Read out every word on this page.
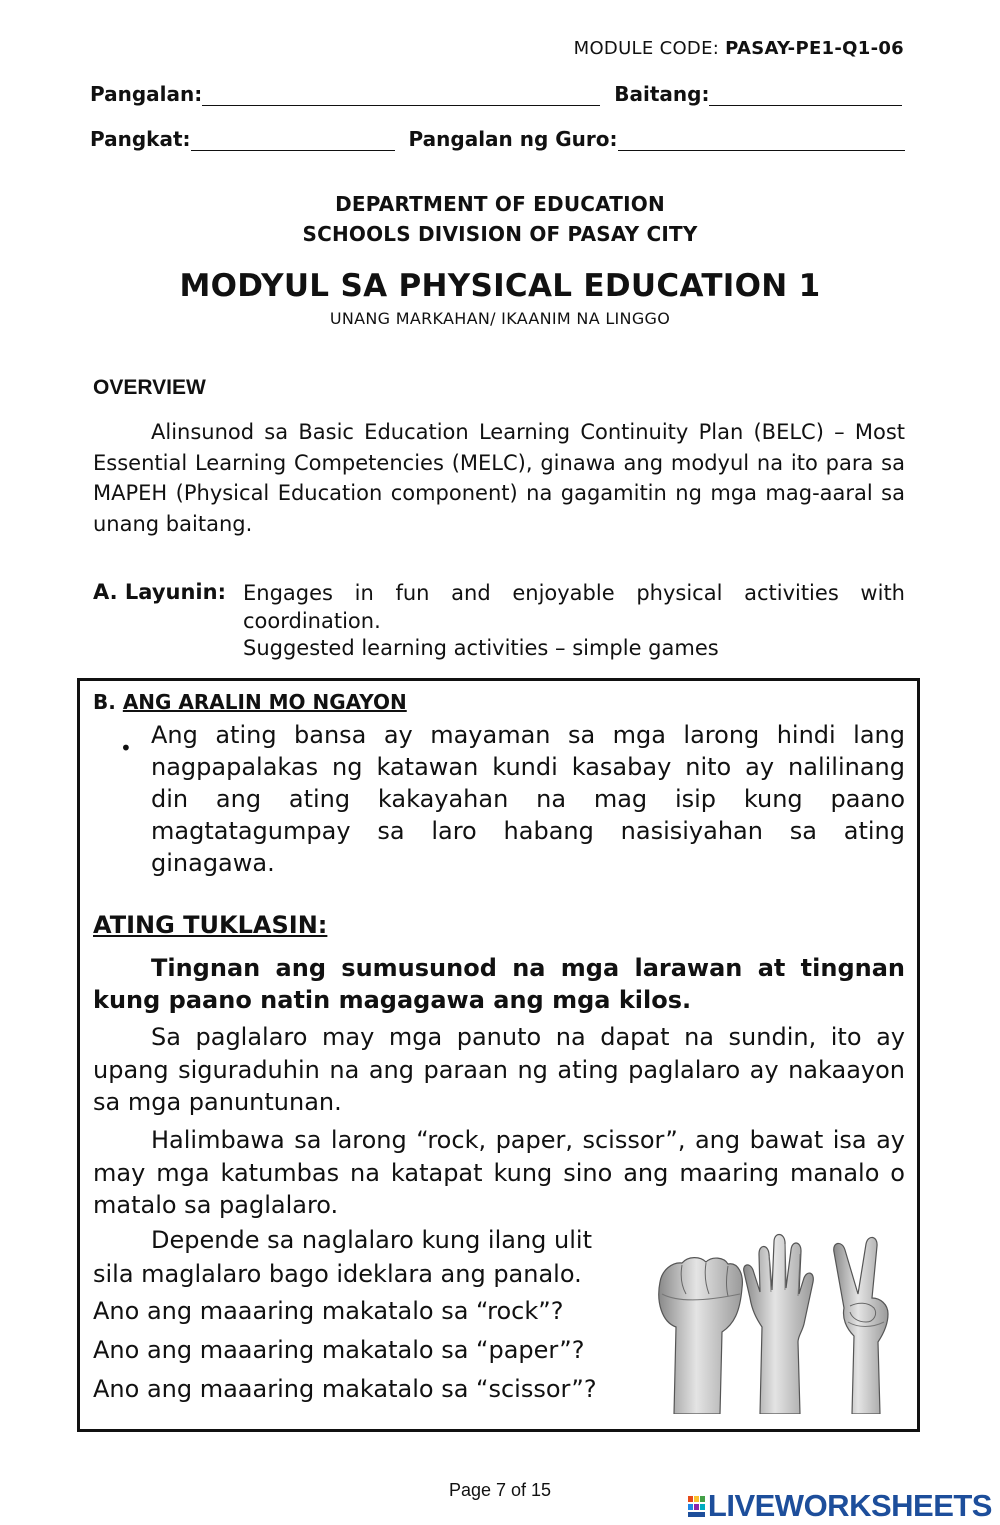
MODULE CODE: PASAY-PE1-Q1-06
Pangalan:	Baitang:
Pangkat:	Pangalan ng Guro:
DEPARTMENT OF EDUCATION
SCHOOLS DIVISION OF PASAY CITY
MODYUL SA PHYSICAL EDUCATION 1
UNANG MARKAHAN/ IKAANIM NA LINGGO
OVERVIEW
Alinsunod sa Basic Education Learning Continuity Plan (BELC) – Most Essential Learning Competencies (MELC), ginawa ang modyul na ito para sa MAPEH (Physical Education component) na gagamitin ng mga mag-aaral sa unang baitang.
A. Layunin: Engages in fun and enjoyable physical activities with coordination.
Suggested learning activities – simple games
B. ANG ARALIN MO NGAYON
• Ang ating bansa ay mayaman sa mga larong hindi lang nagpapalakas ng katawan kundi kasabay nito ay nalilinang din ang ating kakayahan na mag isip kung paano magtatagumpay sa laro habang nasisiyahan sa ating ginagawa.
ATING TUKLASIN:
Tingnan ang sumusunod na mga larawan at tingnan kung paano natin magagawa ang mga kilos.
Sa paglalaro may mga panuto na dapat na sundin, ito ay upang siguraduhin na ang paraan ng ating paglalaro ay nakaayon sa mga panuntunan.
Halimbawa sa larong “rock, paper, scissor”, ang bawat isa ay may mga katumbas na katapat kung sino ang maaring manalo o matalo sa paglalaro.
Depende sa naglalaro kung ilang ulit
sila maglalaro bago ideklara ang panalo.
Ano ang maaaring makatalo sa “rock”?
Ano ang maaaring makatalo sa “paper”?
Ano ang maaaring makatalo sa “scissor”?
Page 7 of 15	LIVEWORKSHEETS
